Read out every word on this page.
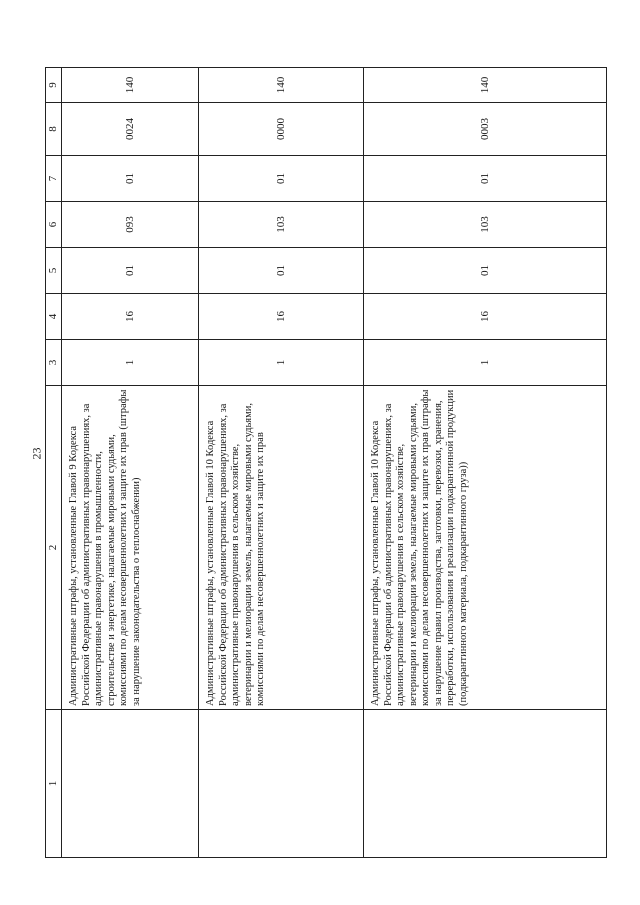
23
1	2	3	4	5	6	7	8	9
	Административные штрафы, установленные Главой 9 Кодекса Российской Федерации об административных правонарушениях, за административные правонарушения в промышленности, строительстве и энергетике, налагаемые мировыми судьями, комиссиями по делам несовершеннолетних и защите их прав (штрафы за нарушение законодательства о теплоснабжении)	1	16	01	093	01	0024	140
	Административные штрафы, установленные Главой 10 Кодекса Российской Федерации об административных правонарушениях, за административные правонарушения в сельском хозяйстве, ветеринарии и мелиорации земель, налагаемые мировыми судьями, комиссиями по делам несовершеннолетних и защите их прав	1	16	01	103	01	0000	140
	Административные штрафы, установленные Главой 10 Кодекса Российской Федерации об административных правонарушениях, за административные правонарушения в сельском хозяйстве, ветеринарии и мелиорации земель, налагаемые мировыми судьями, комиссиями по делам несовершеннолетних и защите их прав (штрафы за нарушение правил производства, заготовки, перевозки, хранения, переработки, использования и реализации подкарантинной продукции (подкарантинного материала, подкарантинного груза))	1	16	01	103	01	0003	140
